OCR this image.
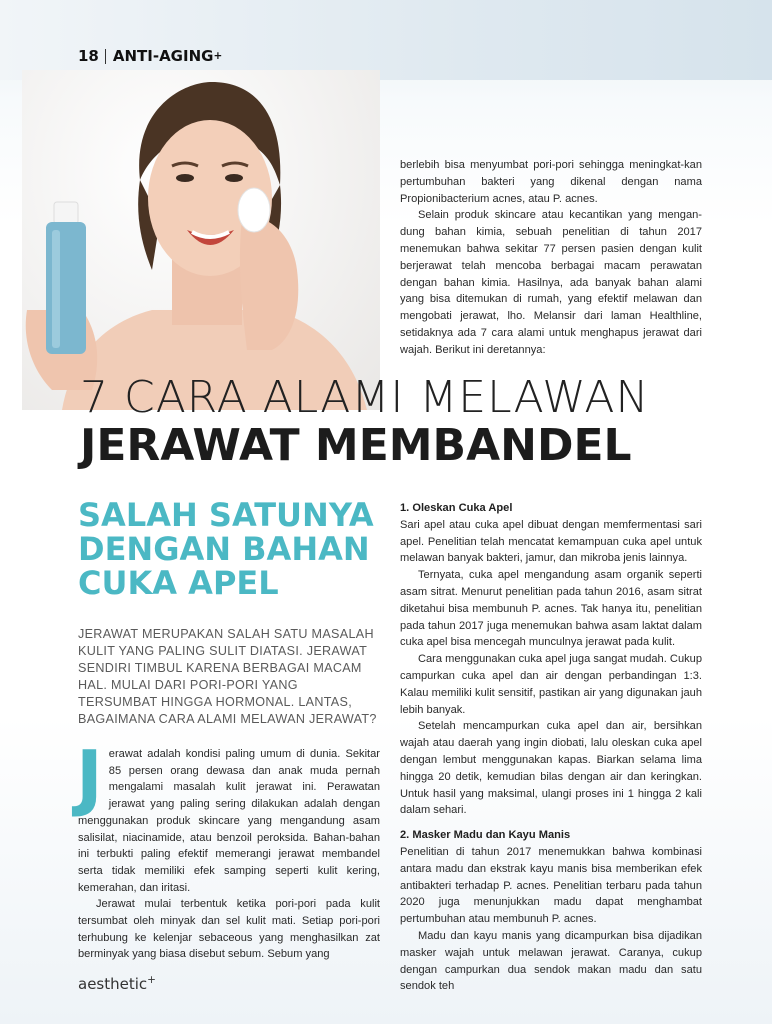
18 ANTI-AGING +

berlebih bisa menyumbat pori-pori sehingga meningkat-kan pertumbuhan bakteri yang dikenal dengan nama Propionibacterium acnes, atau P. acnes.

Selain produk skincare atau kecantikan yang mengan-dung bahan kimia, sebuah penelitian di tahun 2017 menemukan bahwa sekitar 77 persen pasien dengan kulit berjerawat telah mencoba berbagai macam perawatan dengan bahan kimia. Hasilnya, ada banyak bahan alami yang bisa ditemukan di rumah, yang efektif melawan dan mengobati jerawat, lho. Melansir dari laman Healthline, setidaknya ada 7 cara alami untuk menghapus jerawat dari wajah. Berikut ini deretannya:

7 CARA ALAMI MELAWAN
JERAWAT MEMBANDEL
SALAH SATUNYA
DENGAN BAHAN
CUKA APEL
JERAWAT MERUPAKAN SALAH SATU MASALAH KULIT YANG PALING SULIT DIATASI. JERAWAT SENDIRI TIMBUL KARENA BERBAGAI MACAM HAL. MULAI DARI PORI-PORI YANG TERSUMBAT HINGGA HORMONAL. LANTAS, BAGAIMANA CARA ALAMI MELAWAN JERAWAT?
J erawat adalah kondisi paling umum di dunia. Sekitar 85 persen orang dewasa dan anak muda pernah mengalami masalah kulit jerawat ini. Perawatan jerawat yang paling sering dilakukan adalah dengan menggunakan produk skincare yang mengandung asam salisilat, niacinamide, atau benzoil peroksida. Bahan-bahan ini terbukti paling efektif memerangi jerawat membandel serta tidak memiliki efek samping seperti kulit kering, kemerahan, dan iritasi.

Jerawat mulai terbentuk ketika pori-pori pada kulit tersumbat oleh minyak dan sel kulit mati. Setiap pori-pori terhubung ke kelenjar sebaceous yang menghasilkan zat berminyak yang biasa disebut sebum. Sebum yang

1. Oleskan Cuka Apel

Sari apel atau cuka apel dibuat dengan memfermentasi sari apel. Penelitian telah mencatat kemampuan cuka apel untuk melawan banyak bakteri, jamur, dan mikroba jenis lainnya.

Ternyata, cuka apel mengandung asam organik seperti asam sitrat. Menurut penelitian pada tahun 2016, asam sitrat diketahui bisa membunuh P. acnes. Tak hanya itu, penelitian pada tahun 2017 juga menemukan bahwa asam laktat dalam cuka apel bisa mencegah munculnya jerawat pada kulit.

Cara menggunakan cuka apel juga sangat mudah. Cukup campurkan cuka apel dan air dengan perbandingan 1:3. Kalau memiliki kulit sensitif, pastikan air yang digunakan jauh lebih banyak.

Setelah mencampurkan cuka apel dan air, bersihkan wajah atau daerah yang ingin diobati, lalu oleskan cuka apel dengan lembut menggunakan kapas. Biarkan selama lima hingga 20 detik, kemudian bilas dengan air dan keringkan. Untuk hasil yang maksimal, ulangi proses ini 1 hingga 2 kali dalam sehari.

2. Masker Madu dan Kayu Manis

Penelitian di tahun 2017 menemukkan bahwa kombinasi antara madu dan ekstrak kayu manis bisa memberikan efek antibakteri terhadap P. acnes. Penelitian terbaru pada tahun 2020 juga menunjukkan madu dapat menghambat pertumbuhan atau membunuh P. acnes.

Madu dan kayu manis yang dicampurkan bisa dijadikan masker wajah untuk melawan jerawat. Caranya, cukup dengan campurkan dua sendok makan madu dan satu sendok teh

aesthetic+
